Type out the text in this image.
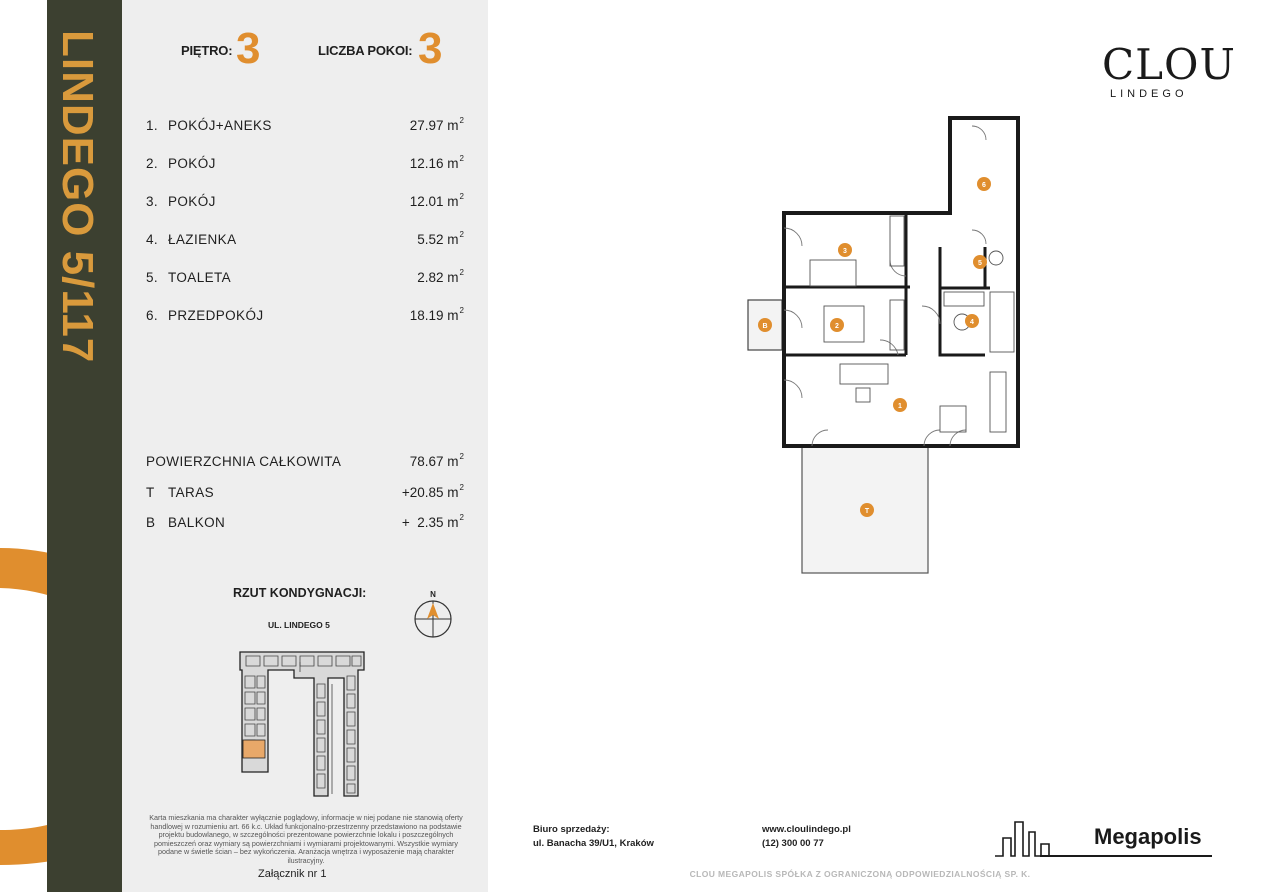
LINDEGO 5/117	PIĘTRO: 3	LICZBA POKOI: 3
1. POKÓJ+ANEKS	27.97 $m^2$
2. POKÓJ	12.16 $m^2$
3. POKÓJ	12.01 $m^2$
4. ŁAZIENKA	5.52 $m^2$
5. TOALETA	2.82 $m^2$
6. PRZEDPOKÓJ	18.19 $m^2$
POWIERZCHNIA CAŁKOWITA	78.67 $m^2$
T TARAS	+20.85 $m^2$
B BALKON	+  2.35 $m^2$
RZUT KONDYGNACJI:
UL. LINDEGO 5
N
Karta mieszkania ma charakter wyłącznie poglądowy, informacje w niej podane nie stanowią oferty handlowej w rozumieniu art. 66 k.c. Układ funkcjonalno-przestrzenny przedstawiono na podstawie projektu budowlanego, w szczególności prezentowane powierzchnie lokalu i poszczególnych pomieszczeń oraz wymiary są powierzchniami i wymiarami projektowanymi. Wszystkie wymiary podane w świetle ścian – bez wykończenia. Aranżacja wnętrza i wyposażenie mają charakter ilustracyjny.
Załącznik nr 1
CLOU
LINDEGO
3
2
1
4
5
6
B
T
Biuro sprzedaży:
ul. Banacha 39/U1, Kraków
www.cloulindego.pl
(12) 300 00 77	Megapolis
CLOU MEGAPOLIS SPÓŁKA Z OGRANICZONĄ ODPOWIEDZIALNOŚCIĄ SP. K.
